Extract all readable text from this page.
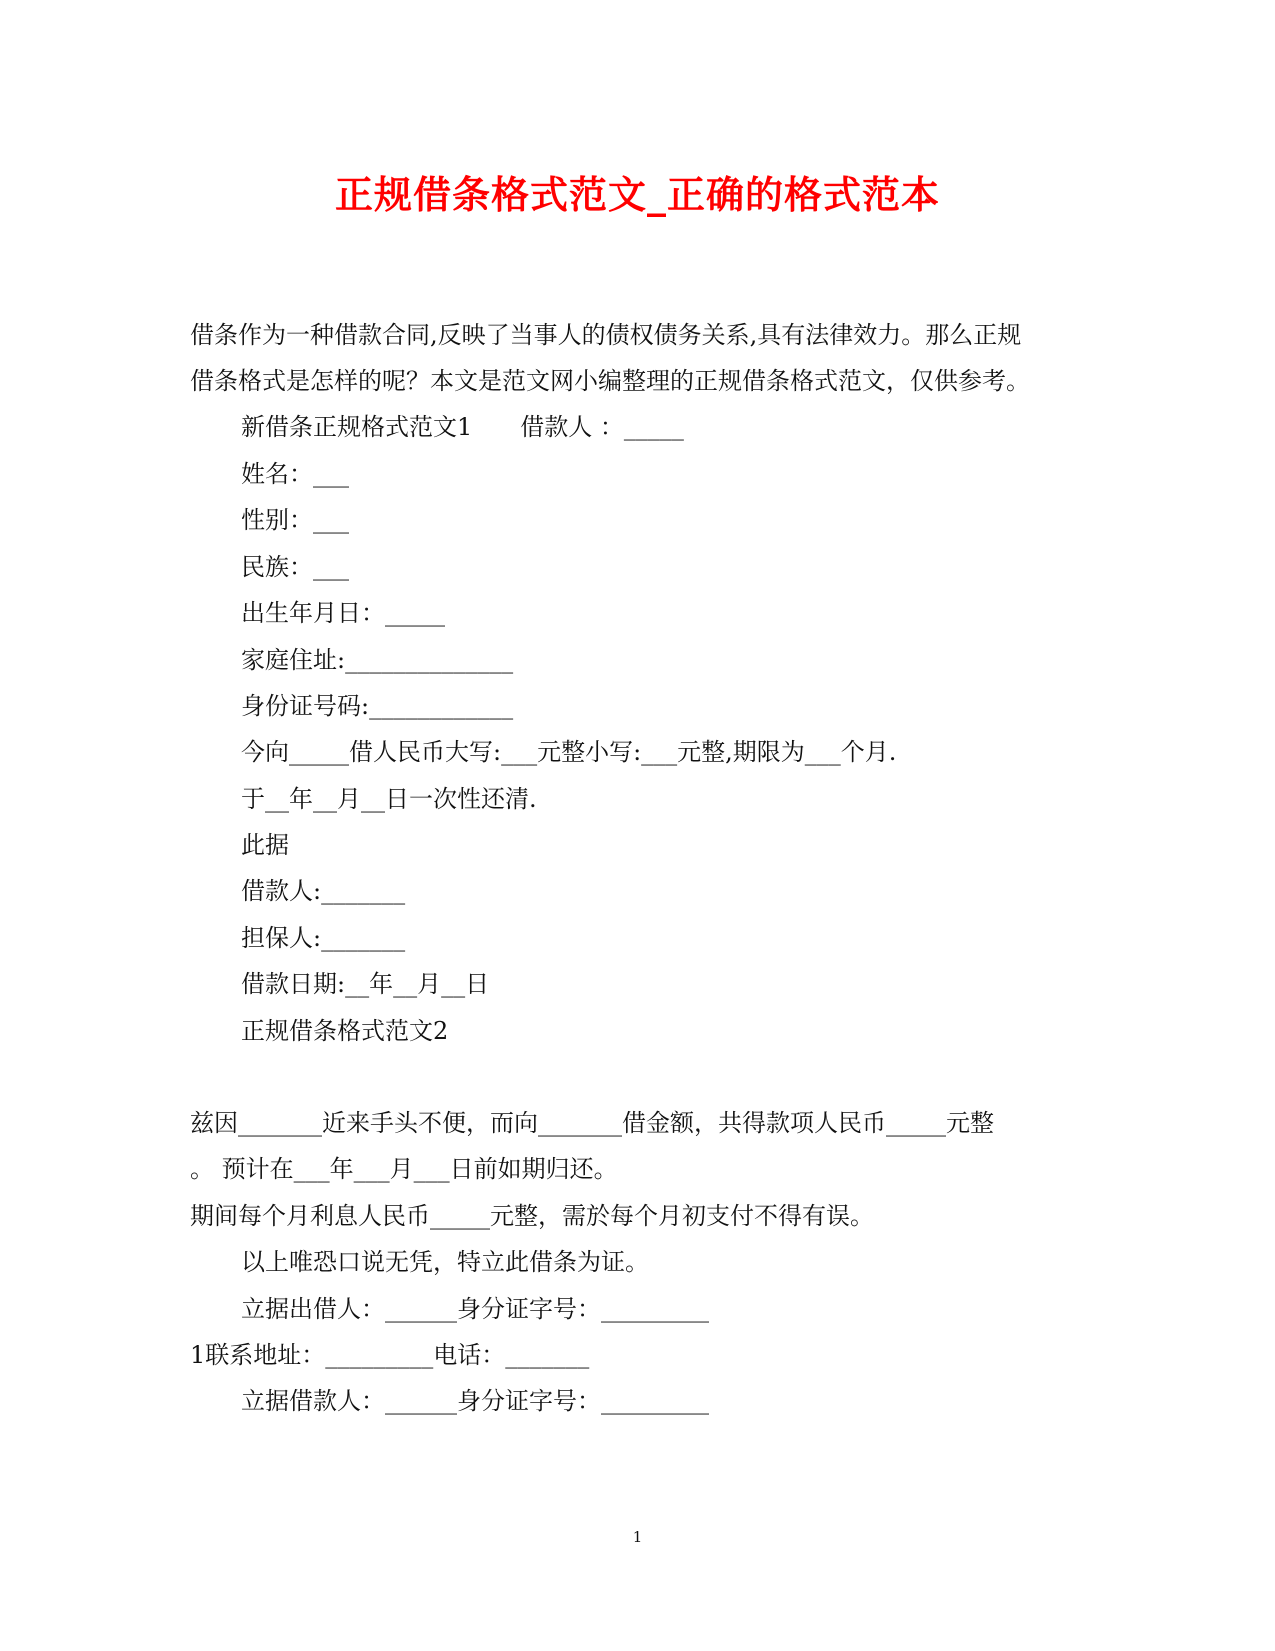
正规借条格式范文_正确的格式范本
借条作为一种借款合同,反映了当事人的债权债务关系,具有法律效力。那么正规
借条格式是怎样的呢？本文是范文网小编整理的正规借条格式范文，仅供参考。
新借条正规格式范文1　　借款人 ：_____
姓名：___
性别：___
民族：___
出生年月日：_____
家庭住址:______________
身份证号码:____________
今向_____借人民币大写:___元整小写:___元整,期限为___个月.
于__年__月__日一次性还清.
此据
借款人:_______
担保人:_______
借款日期:__年__月__日
正规借条格式范文2
兹因_______近来手头不便，而向_______借金额，共得款项人民币_____元整
。 预计在___年___月___日前如期归还。
期间每个月利息人民币_____元整，需於每个月初支付不得有误。
以上唯恐口说无凭，特立此借条为证。
立据出借人：______身分证字号：_________
1联系地址：_________电话：_______
立据借款人：______身分证字号：_________
1
